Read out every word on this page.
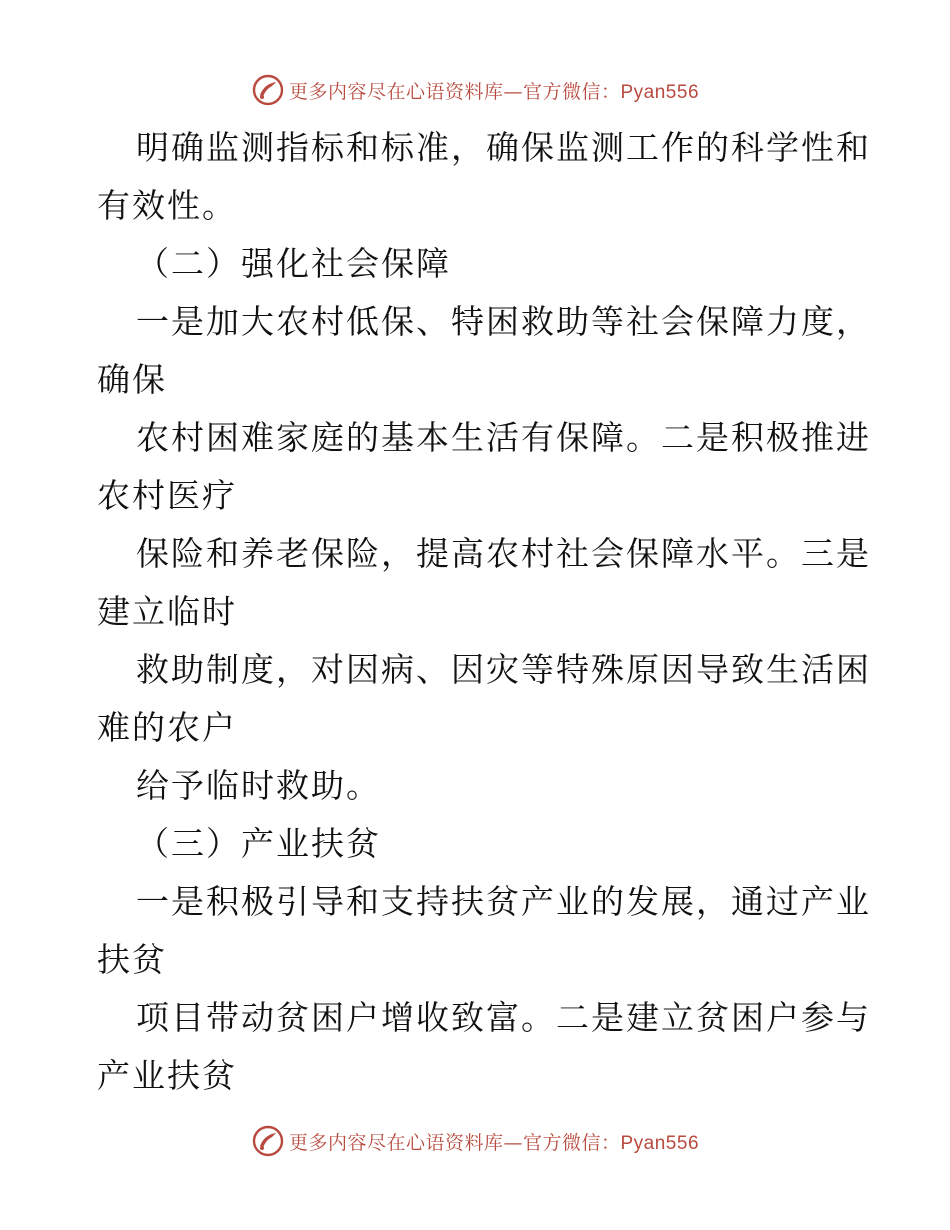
更多内容尽在心语资料库—官方微信：Pyan556
明确监测指标和标准，确保监测工作的科学性和
有效性。
（二）强化社会保障
一是加大农村低保、特困救助等社会保障力度，
确保
农村困难家庭的基本生活有保障。二是积极推进
农村医疗
保险和养老保险，提高农村社会保障水平。三是
建立临时
救助制度，对因病、因灾等特殊原因导致生活困
难的农户
给予临时救助。
（三）产业扶贫
一是积极引导和支持扶贫产业的发展，通过产业
扶贫
项目带动贫困户增收致富。二是建立贫困户参与
产业扶贫
更多内容尽在心语资料库—官方微信：Pyan556
